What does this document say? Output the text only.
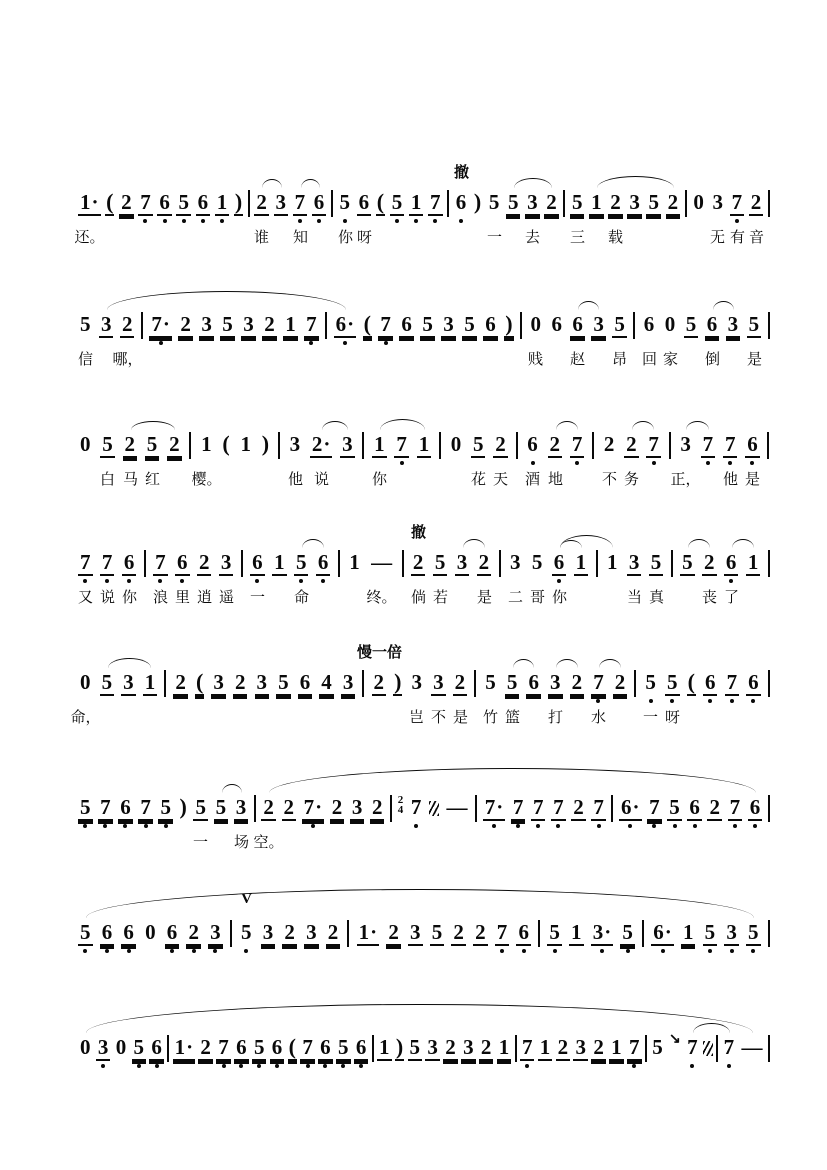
1· ( 2 7 6 5 6 1 ) 2 3 7 6 5 6 ( 5 1 7 6 ) 5 5 3 2 5 1 2 3 5 2 0 3 7 2
撤
还。	谁 知 你 呀	一 去 三 载	无 有 音
5 3 2 7· 2 3 5 3 2 1 7 6· ( 7 6 5 3 5 6 ) 0 6 6 3 5 6 0 5 6 3 5
信 哪，	贱 赵 昂 回 家 倒 是
0 5 2 5 2 1 ( 1 ) 3 2· 3 1 7 1 0 5 2 6 2 7 2 2 7 3 7 7 6
白 马 红 樱。	他 说	你	花 天 酒 地	不 务 正， 他 是
7 7 6 7 6 2 3 6 1 5 6 1 — 2 5 3 2 3 5 6 1 1 3 5 5 2 6 1
撤
又 说 你 浪 里 逍 遥 一 命	终。 倘 若 是 二 哥 你	当 真	丧 了
0 5 3 1 2 ( 3 2 3 5 6 4 3 2 ) 3 3 2 5 5 6 3 2 7 2 5 5 ( 6 7 6
慢一倍
命，	岂 不 是 竹 篮 打 水 一 呀
5 7 6 7 5 ) 5 5 3 2 2 7· 2 3 2 2
4 7 — 7· 7 7 7 2 7 6· 7 5 6 2 7 6
一 场 空。
5 6 6 0 6 2 3 5 3 2 3 2 1· 2 3 5 2 2 7 6 5 1 3· 5 6· 1 5 3 5
V
0 3 0 5 6 1· 2 7 6 5 6 ( 7 6 5 6 1 ) 5 3 2 3 2 1 7 1 2 3 2 1 7 5 ↘ 7 7 —
